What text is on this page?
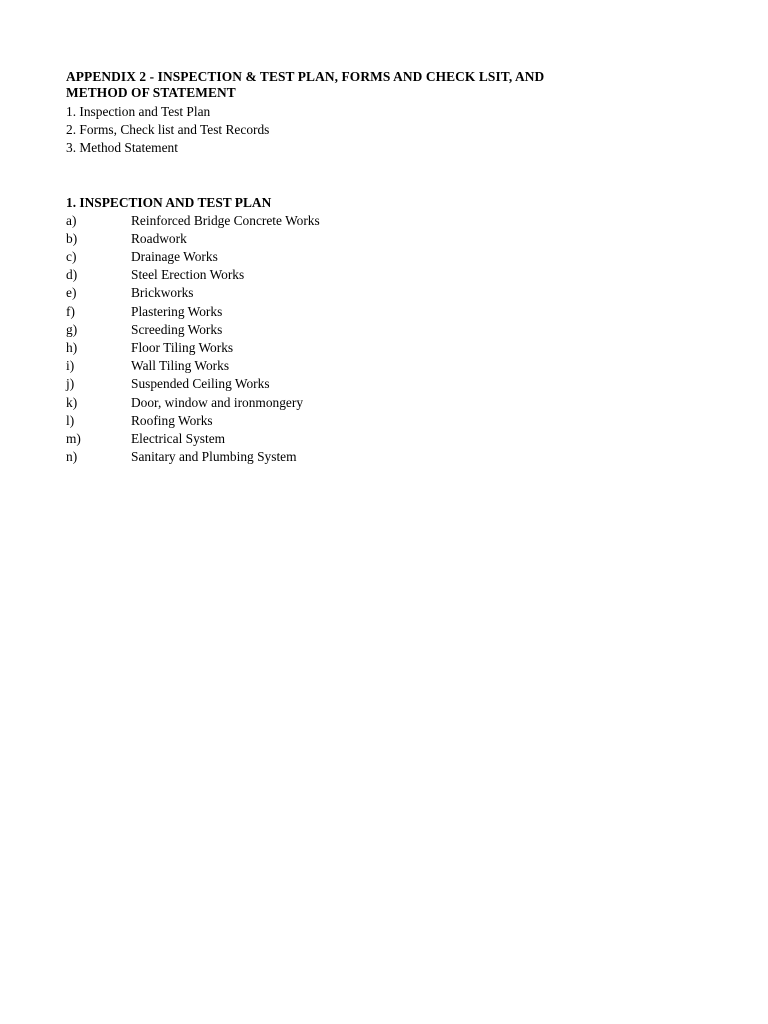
APPENDIX 2 - INSPECTION & TEST PLAN, FORMS AND CHECK LSIT, AND
METHOD OF STATEMENT
1. Inspection and Test Plan
2. Forms, Check list and Test Records
3. Method Statement
1. INSPECTION AND TEST PLAN
a)	Reinforced Bridge Concrete Works
b)	Roadwork
c)	Drainage Works
d)	Steel Erection Works
e)	Brickworks
f)	Plastering Works
g)	Screeding Works
h)	Floor Tiling Works
i)	Wall Tiling Works
j)	Suspended Ceiling Works
k)	Door, window and ironmongery
l)	Roofing Works
m)	Electrical System
n)	Sanitary and Plumbing System
